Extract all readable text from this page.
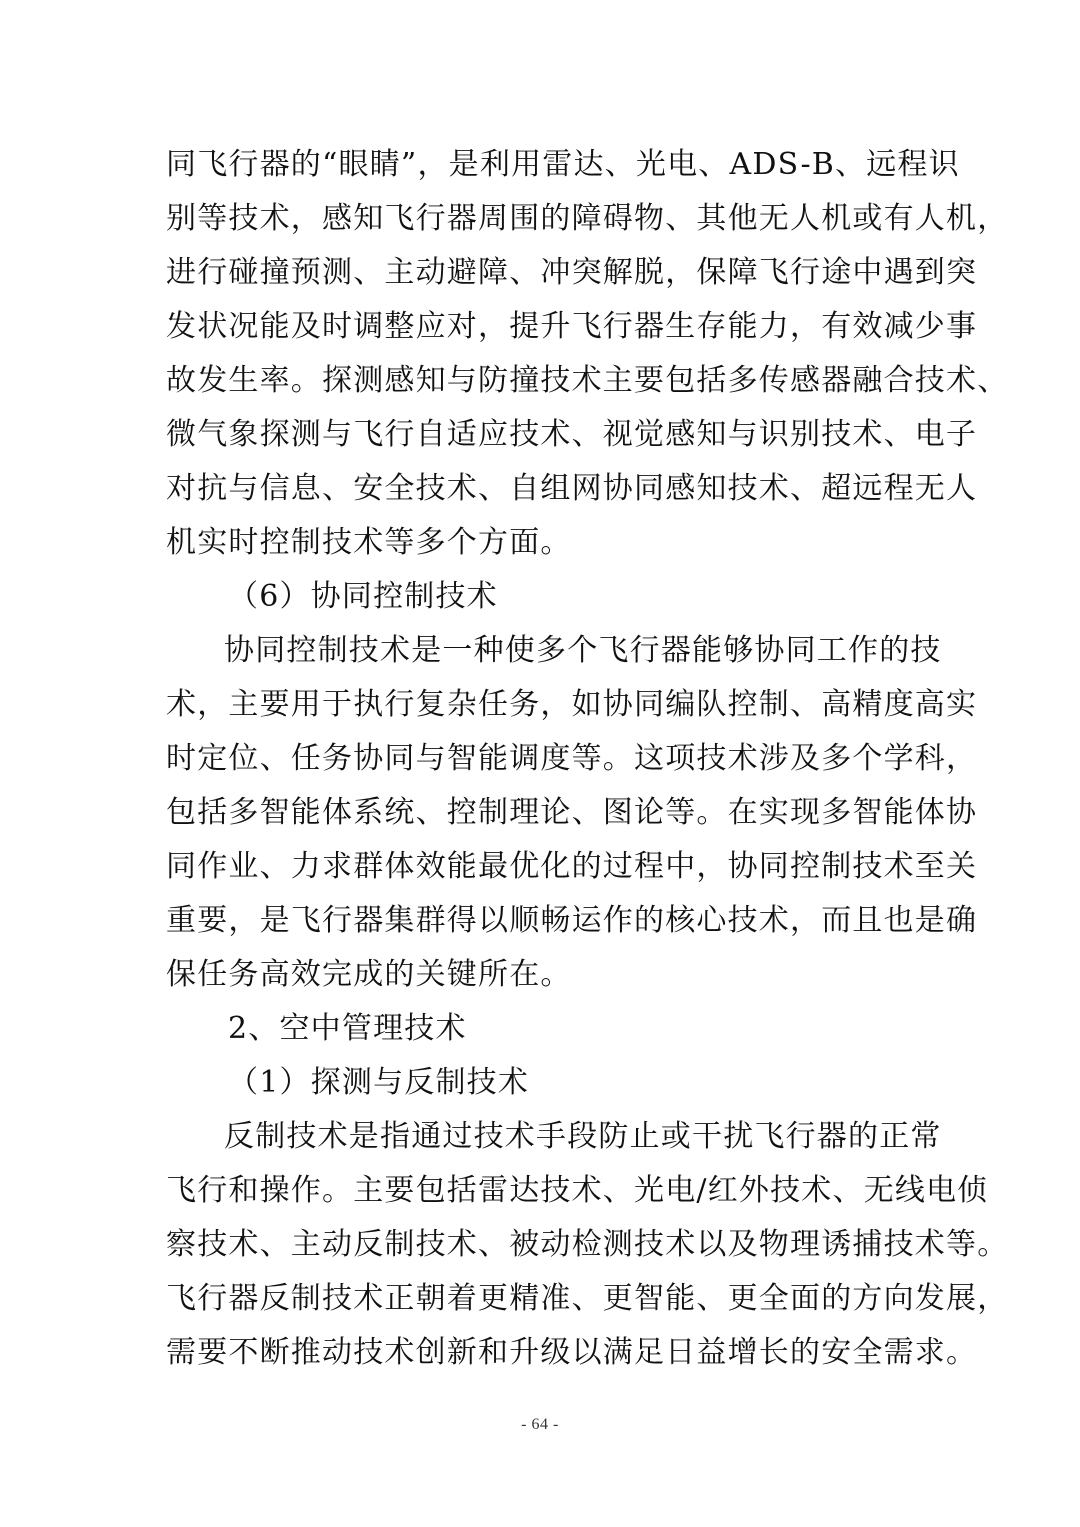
同飞行器的“眼睛”，是利用雷达、光电、ADS-B、远程识
别等技术，感知飞行器周围的障碍物、其他无人机或有人机，
进行碰撞预测、主动避障、冲突解脱，保障飞行途中遇到突
发状况能及时调整应对，提升飞行器生存能力，有效减少事
故发生率。探测感知与防撞技术主要包括多传感器融合技术、
微气象探测与飞行自适应技术、视觉感知与识别技术、电子
对抗与信息、安全技术、自组网协同感知技术、超远程无人
机实时控制技术等多个方面。
（6）协同控制技术
协同控制技术是一种使多个飞行器能够协同工作的技
术，主要用于执行复杂任务，如协同编队控制、高精度高实
时定位、任务协同与智能调度等。这项技术涉及多个学科，
包括多智能体系统、控制理论、图论等。在实现多智能体协
同作业、力求群体效能最优化的过程中，协同控制技术至关
重要，是飞行器集群得以顺畅运作的核心技术，而且也是确
保任务高效完成的关键所在。
2、空中管理技术
（1）探测与反制技术
反制技术是指通过技术手段防止或干扰飞行器的正常
飞行和操作。主要包括雷达技术、光电/红外技术、无线电侦
察技术、主动反制技术、被动检测技术以及物理诱捕技术等。
飞行器反制技术正朝着更精准、更智能、更全面的方向发展，
需要不断推动技术创新和升级以满足日益增长的安全需求。
- 64 -
